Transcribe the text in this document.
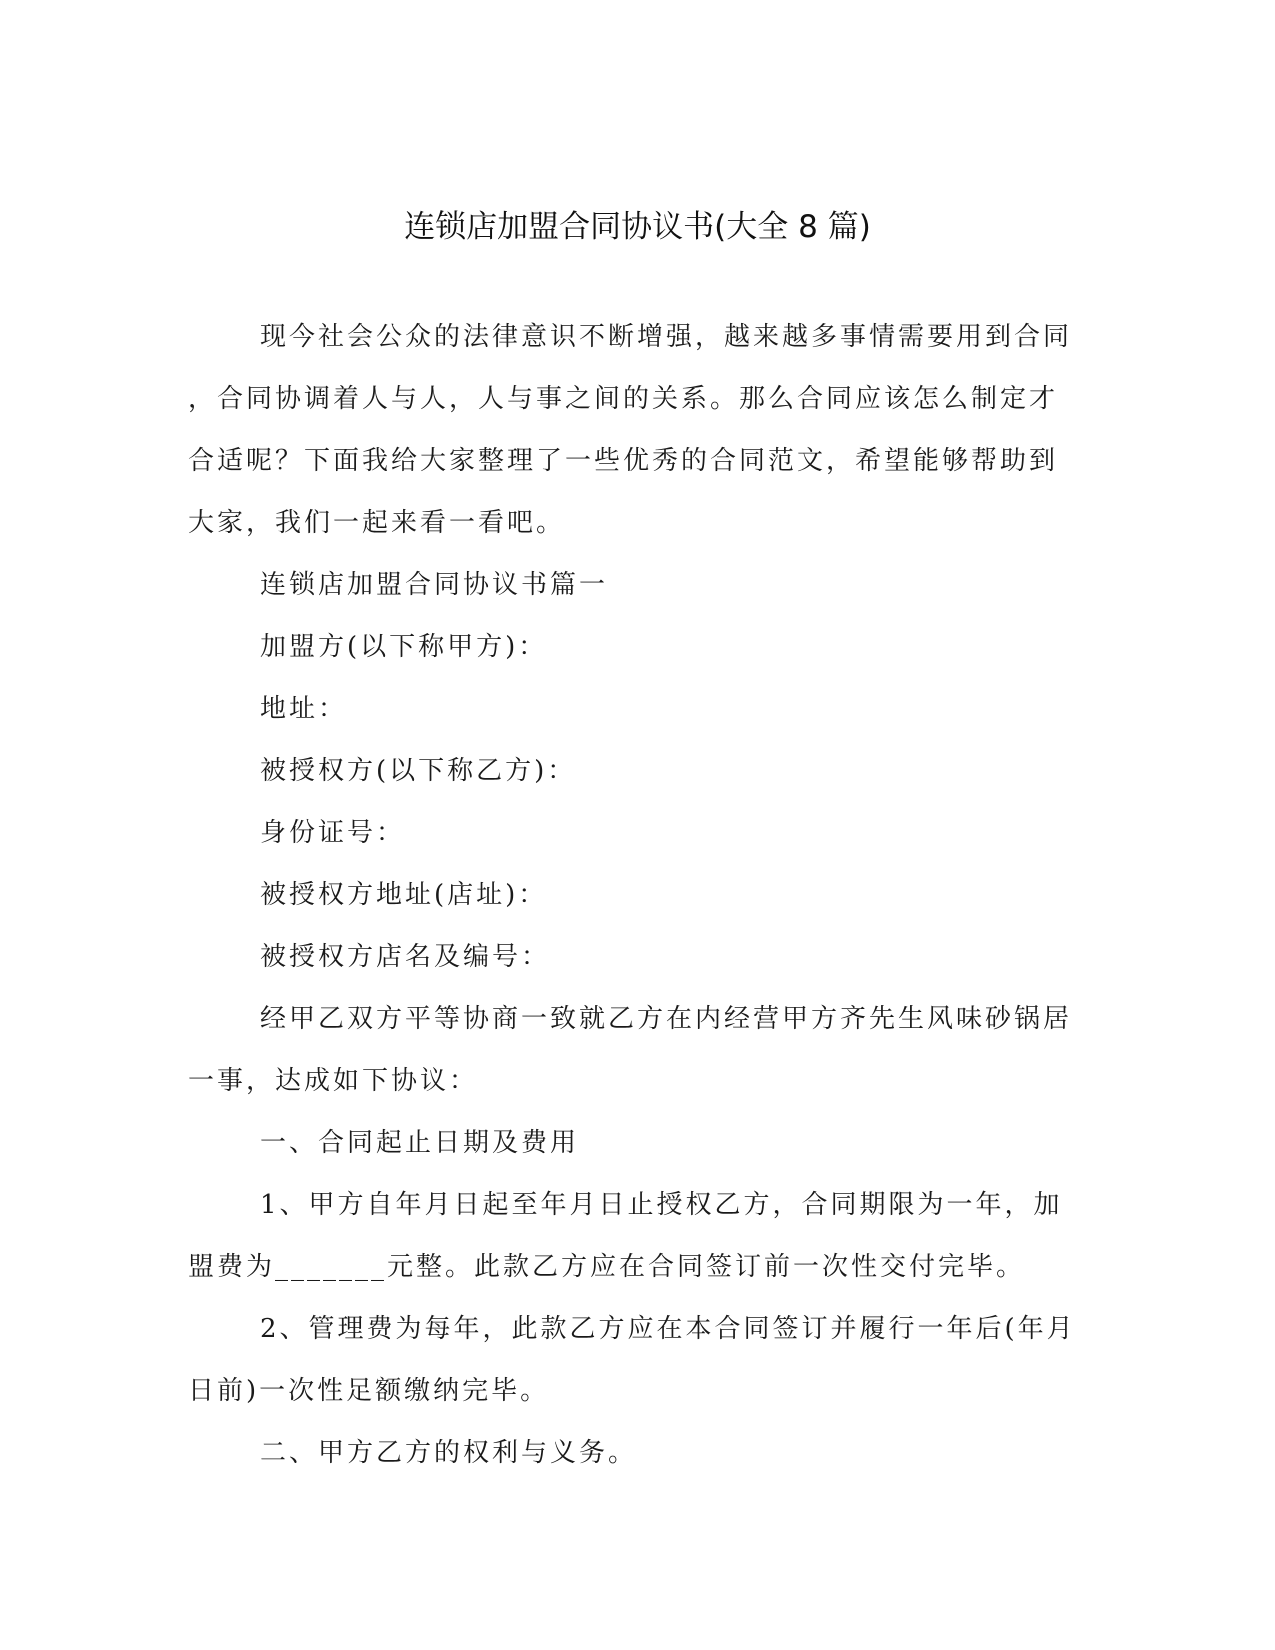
连锁店加盟合同协议书(大全 8 篇)
现今社会公众的法律意识不断增强，越来越多事情需要用到合同
，合同协调着人与人，人与事之间的关系。那么合同应该怎么制定才
合适呢？下面我给大家整理了一些优秀的合同范文，希望能够帮助到
大家，我们一起来看一看吧。
连锁店加盟合同协议书篇一
加盟方(以下称甲方)：
地址：
被授权方(以下称乙方)：
身份证号：
被授权方地址(店址)：
被授权方店名及编号：
经甲乙双方平等协商一致就乙方在内经营甲方齐先生风味砂锅居
一事，达成如下协议：
一、合同起止日期及费用
1、甲方自年月日起至年月日止授权乙方，合同期限为一年，加
盟费为_______元整。此款乙方应在合同签订前一次性交付完毕。
2、管理费为每年，此款乙方应在本合同签订并履行一年后(年月
日前)一次性足额缴纳完毕。
二、甲方乙方的权利与义务。
